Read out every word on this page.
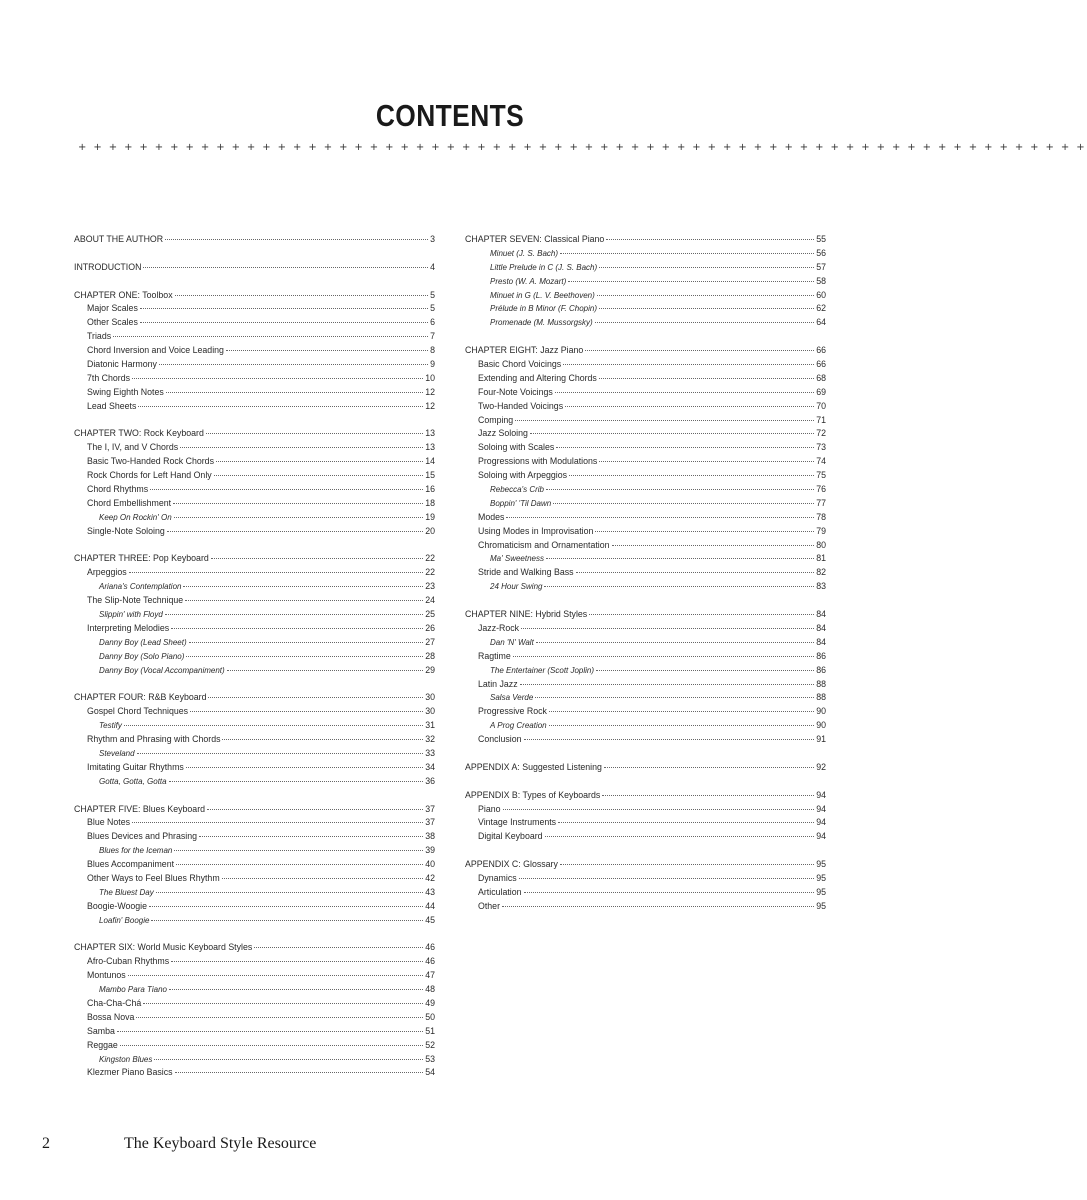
CONTENTS
+ + + + + + + + + + + + + + + + + + + + + + + + + + + + + + + + + + + + + + + + + + + + + + + + + + + + + + + + + + + + + + + + + +
ABOUT THE AUTHOR	3
INTRODUCTION	4
CHAPTER ONE: Toolbox	5
Major Scales	5
Other Scales	6
Triads	7
Chord Inversion and Voice Leading	8
Diatonic Harmony	9
7th Chords	10
Swing Eighth Notes	12
Lead Sheets	12
CHAPTER TWO: Rock Keyboard	13
The I, IV, and V Chords	13
Basic Two-Handed Rock Chords	14
Rock Chords for Left Hand Only	15
Chord Rhythms	16
Chord Embellishment	18
Keep On Rockin' On	19
Single-Note Soloing	20
CHAPTER THREE: Pop Keyboard	22
Arpeggios	22
Ariana's Contemplation	23
The Slip-Note Technique	24
Slippin' with Floyd	25
Interpreting Melodies	26
Danny Boy (Lead Sheet)	27
Danny Boy (Solo Piano)	28
Danny Boy (Vocal Accompaniment)	29
CHAPTER FOUR: R&B Keyboard	30
Gospel Chord Techniques	30
Testify	31
Rhythm and Phrasing with Chords	32
Steveland	33
Imitating Guitar Rhythms	34
Gotta, Gotta, Gotta	36
CHAPTER FIVE: Blues Keyboard	37
Blue Notes	37
Blues Devices and Phrasing	38
Blues for the Iceman	39
Blues Accompaniment	40
Other Ways to Feel Blues Rhythm	42
The Bluest Day	43
Boogie-Woogie	44
Loafin' Boogie	45
CHAPTER SIX: World Music Keyboard Styles	46
Afro-Cuban Rhythms	46
Montunos	47
Mambo Para Tiano	48
Cha-Cha-Chá	49
Bossa Nova	50
Samba	51
Reggae	52
Kingston Blues	53
Klezmer Piano Basics	54
CHAPTER SEVEN: Classical Piano	55
Minuet (J. S. Bach)	56
Little Prelude in C (J. S. Bach)	57
Presto (W. A. Mozart)	58
Minuet in G (L. V. Beethoven)	60
Prélude in B Minor (F. Chopin)	62
Promenade (M. Mussorgsky)	64
CHAPTER EIGHT: Jazz Piano	66
Basic Chord Voicings	66
Extending and Altering Chords	68
Four-Note Voicings	69
Two-Handed Voicings	70
Comping	71
Jazz Soloing	72
Soloing with Scales	73
Progressions with Modulations	74
Soloing with Arpeggios	75
Rebecca's Crib	76
Boppin' 'Til Dawn	77
Modes	78
Using Modes in Improvisation	79
Chromaticism and Ornamentation	80
Ma' Sweetness	81
Stride and Walking Bass	82
24 Hour Swing	83
CHAPTER NINE: Hybrid Styles	84
Jazz-Rock	84
Dan 'N' Walt	84
Ragtime	86
The Entertainer (Scott Joplin)	86
Latin Jazz	88
Salsa Verde	88
Progressive Rock	90
A Prog Creation	90
Conclusion	91
APPENDIX A: Suggested Listening	92
APPENDIX B: Types of Keyboards	94
Piano	94
Vintage Instruments	94
Digital Keyboard	94
APPENDIX C: Glossary	95
Dynamics	95
Articulation	95
Other	95
2	The Keyboard Style Resource
